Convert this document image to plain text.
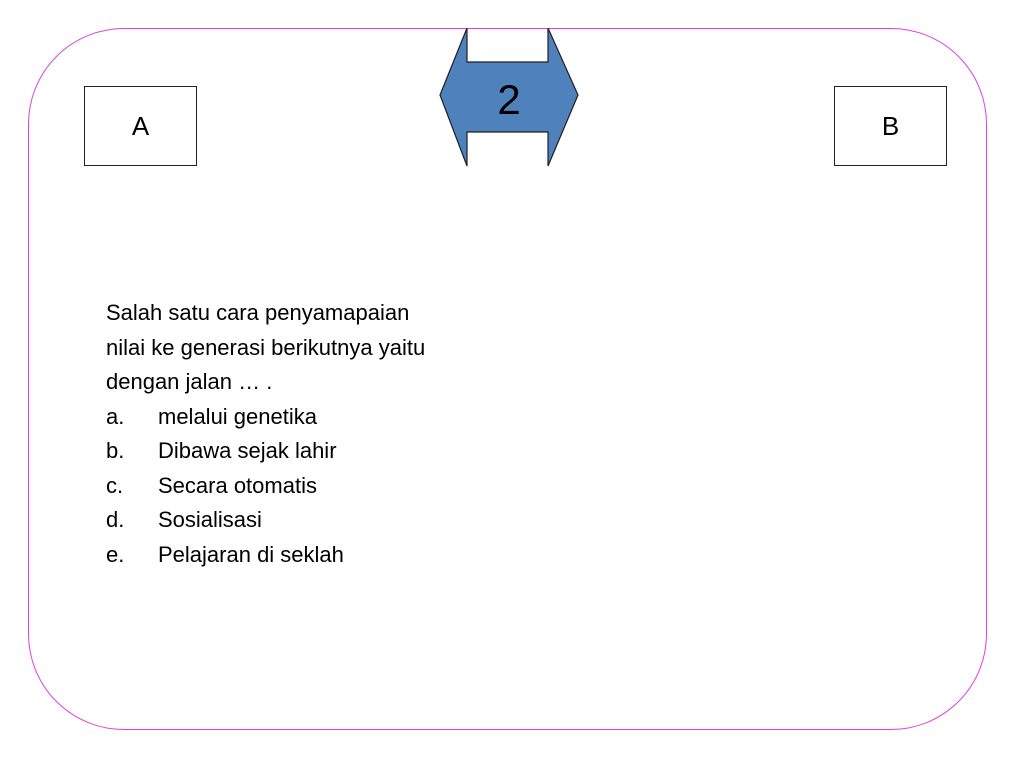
A	B
2

Salah satu cara penyamapaian
nilai ke generasi berikutnya yaitu
dengan jalan … .

a.	melalui genetika
b.	Dibawa sejak lahir
c.	Secara otomatis
d.	Sosialisasi
e.	Pelajaran di seklah
